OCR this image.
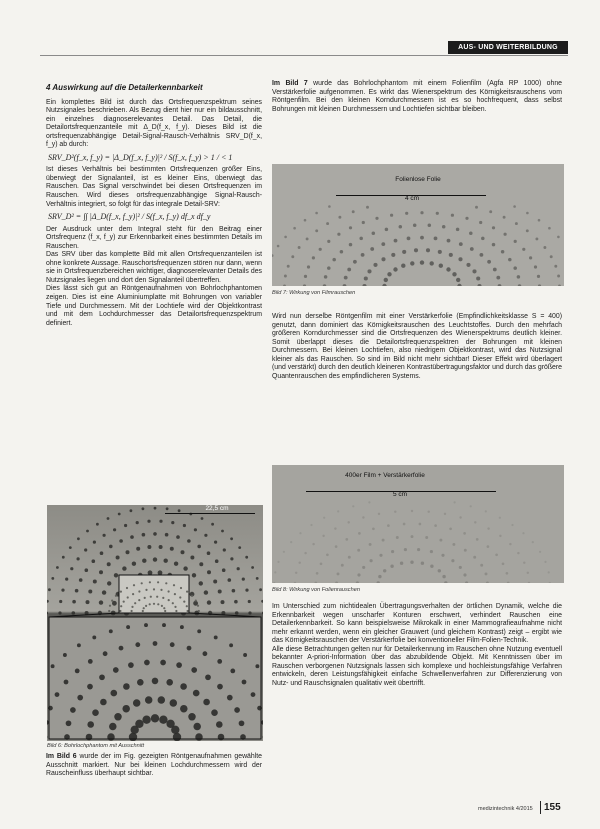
AUS- UND WEITERBILDUNG

4 Auswirkung auf die Detailerkennbarkeit

Ein komplettes Bild ist durch das Ortsfrequenzspektrum seines Nutzsignales beschrieben. Als Bezug dient hier nur ein bildausschnitt, ein einzelnes diagnoserelevantes Detail. Das Detail, die Detailortsfrequenzanteile mit Δ_D(f_x, f_y). Dieses Bild ist die ortsfrequenzabhängige Detail-Signal-Rausch-Verhältnis SRV_D(f_x, f_y) ab durch:

SRV_D²(f_x, f_y) = |Δ_D(f_x, f_y)|² / S(f_x, f_y) > 1 / < 1

Ist dieses Verhältnis bei bestimmten Ortsfrequenzen größer Eins, überwiegt der Signalanteil, ist es kleiner Eins, überwiegt das Rauschen. Das Signal verschwindet bei diesen Ortsfrequenzen im Rauschen. Wird dieses ortsfrequenzabhängige Signal-Rausch-Verhältnis integriert, so folgt für das integrale Detail-SRV:

SRV_D² = ∫∫ |Δ_D(f_x, f_y)|² / S(f_x, f_y) df_x df_y

Der Ausdruck unter dem Integral steht für den Beitrag einer Ortsfrequenz (f_x, f_y) zur Erkennbarkeit eines bestimmten Details im Rauschen.

Das SRV über das komplette Bild mit allen Ortsfrequenzanteilen ist ohne konkrete Aussage. Rauschortsfrequenzen stören nur dann, wenn sie in Ortsfrequenzbereichen wichtiger, diagnoserelevanter Details des Nutzsignales liegen und dort den Signalanteil übertreffen.

Dies lässt sich gut an Röntgenaufnahmen von Bohrlochphantomen zeigen. Dies ist eine Aluminiumplatte mit Bohrungen von variabler Tiefe und Durchmessern. Mit der Lochtiefe wird der Objektkontrast und mit dem Lochdurchmesser das Detailortsfrequenzspektrum definiert.

22,5 cm
Bild 6: Bohrlochphantom mit Ausschnitt

Im Bild 6 wurde der im Fig. gezeigten Röntgenaufnahmen gewählte Ausschnitt markiert. Nur bei kleinen Lochdurchmessern wird der Rauscheinfluss überhaupt sichtbar.

Im Bild 7 wurde das Bohrlochphantom mit einem Folienfilm (Agfa RP 1000) ohne Verstärkerfolie aufgenommen. Es wirkt das Wienerspektrum des Körnigkeitsrauschens vom Röntgenfilm. Bei den kleinen Korndurchmessern ist es so hochfrequent, dass selbst Bohrungen mit kleinen Durchmessern und Lochtiefen sichtbar bleiben.

Folienlose Folie
4 cm
Bild 7: Wirkung von Filmrauschen

Wird nun derselbe Röntgenfilm mit einer Verstärkerfolie (Empfindlichkeitsklasse S = 400) genutzt, dann dominiert das Körnigkeitsrauschen des Leuchtstoffes. Durch den mehrfach größeren Korndurchmesser sind die Ortsfrequenzen des Wienerspektrums deutlich kleiner. Somit überlappt dieses die Detailortsfrequenzspektren der Bohrungen mit kleinen Durchmessern. Bei kleinen Lochtiefen, also niedrigem Objektkontrast, wird das Nutzsignal kleiner als das Rauschen. So sind im Bild nicht mehr sichtbar! Dieser Effekt wird überlagert (und verstärkt) durch den deutlich kleineren Kontrastübertragungsfaktor und durch das größere Quantenrauschen des empfindlicheren Systems.

400er Film + Verstärkerfolie
5 cm
Bild 8: Wirkung von Folienrauschen

Im Unterschied zum nichtidealen Übertragungsverhalten der örtlichen Dynamik, welche die Erkennbarkeit wegen unscharfer Konturen erschwert, verhindert Rauschen eine Detailerkennbarkeit. So kann beispielsweise Mikrokalk in einer Mammografieaufnahme nicht mehr erkannt werden, wenn ein gleicher Grauwert (und gleichem Kontrast) zeigt – ergibt wie das Körnigkeitsrauschen der Verstärkerfolie bei konventioneller Film-Folien-Technik.

Alle diese Betrachtungen gelten nur für Detailerkennung im Rauschen ohne Nutzung eventuell bekannter A-priori-Information über das abzubildende Objekt. Mit Kenntnissen über im Rauschen verborgenen Nutzsignals lassen sich komplexe und hochleistungsfähige Verfahren entwickeln, deren Leistungsfähigkeit einfache Schwellenverfahren zur Differenzierung von Nutz- und Rauschsignalen qualitativ weit übertrifft.

medizintechnik 4/2015 155
